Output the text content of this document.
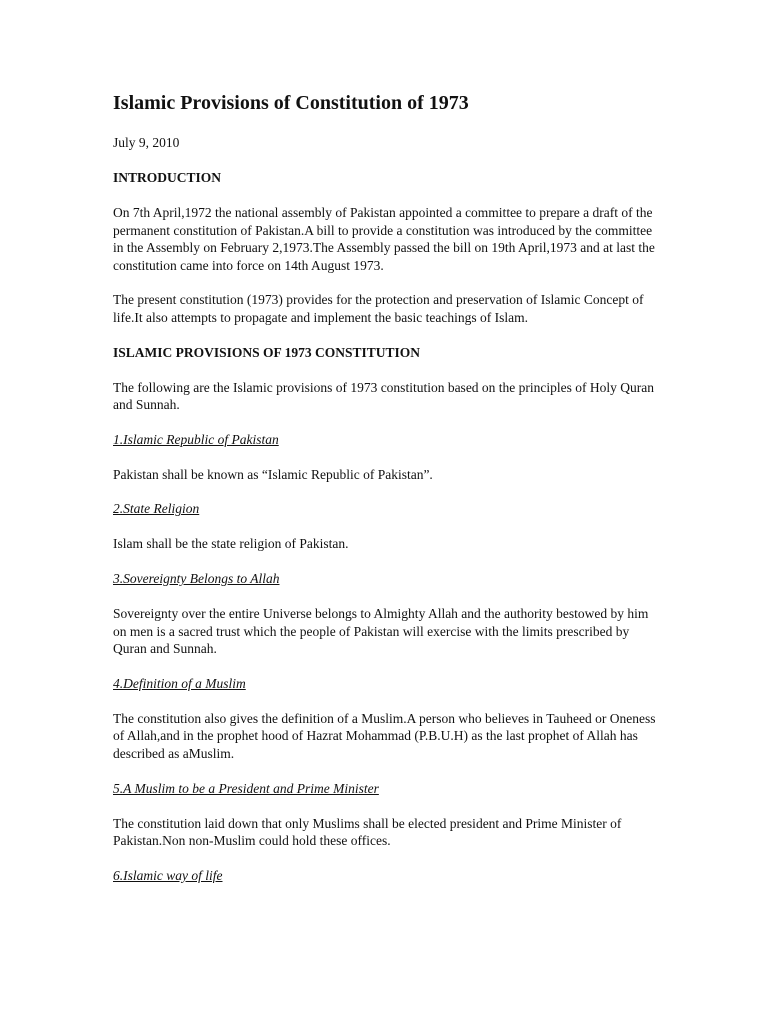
Islamic Provisions of Constitution of 1973
July 9, 2010
INTRODUCTION

On 7th April,1972 the national assembly of Pakistan appointed a committee to prepare a draft of the permanent constitution of Pakistan.A bill to provide a constitution was introduced by the committee in the Assembly on February 2,1973.The Assembly passed the bill on 19th April,1973 and at last the constitution came into force on 14th August 1973.

The present constitution (1973) provides for the protection and preservation of Islamic Concept of life.It also attempts to propagate and implement the basic teachings of Islam.

ISLAMIC PROVISIONS OF 1973 CONSTITUTION

The following are the Islamic provisions of 1973 constitution based on the principles of Holy Quran and Sunnah.

1.Islamic Republic of Pakistan

Pakistan shall be known as “Islamic Republic of Pakistan”.

2.State Religion

Islam shall be the state religion of Pakistan.

3.Sovereignty Belongs to Allah

Sovereignty over the entire Universe belongs to Almighty Allah and the authority bestowed by him on men is a sacred trust which the people of Pakistan will exercise with the limits prescribed by Quran and Sunnah.

4.Definition of a Muslim

The constitution also gives the definition of a Muslim.A person who believes in Tauheed or Oneness of Allah,and in the prophet hood of Hazrat Mohammad (P.B.U.H) as the last prophet of Allah has described as aMuslim.

5.A Muslim to be a President and Prime Minister

The constitution laid down that only Muslims shall be elected president and Prime Minister of Pakistan.Non non-Muslim could hold these offices.

6.Islamic way of life
